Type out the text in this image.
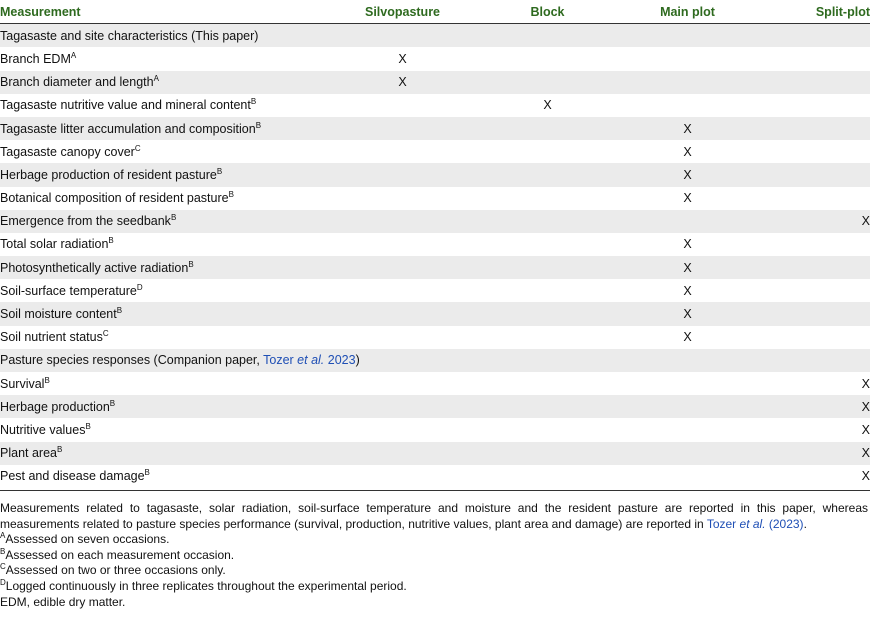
Measurement	Silvopasture	Block	Main plot	Split-plot
Tagasaste and site characteristics (This paper)				
Branch $EDM^A$	X			
Branch diameter and length$^A$	X			
Tagasaste nutritive value and mineral content$^B$		X		
Tagasaste litter accumulation and composition$^B$			X	
Tagasaste canopy cover$^C$			X	
Herbage production of resident pasture$^B$			X	
Botanical composition of resident pasture$^B$			X	
Emergence from the seedbank$^B$				X
Total solar radiation$^B$			X	
Photosynthetically active radiation$^B$			X	
Soil-surface temperature$^D$			X	
Soil moisture content$^B$			X	
Soil nutrient status$^C$			X	
Pasture species responses (Companion paper, Tozer et al. 2023)				
Survival$^B$				X
Herbage production$^B$				X
Nutritive values$^B$				X
Plant area$^B$				X
Pest and disease damage$^B$				X

Measurements related to tagasaste, solar radiation, soil-surface temperature and moisture and the resident pasture are reported in this paper, whereas measurements related to pasture species performance (survival, production, nutritive values, plant area and damage) are reported in Tozer et al. (2023).

$^A$Assessed on seven occasions.

$^B$Assessed on each measurement occasion.

$^C$Assessed on two or three occasions only.

$^D$Logged continuously in three replicates throughout the experimental period.

EDM, edible dry matter.
